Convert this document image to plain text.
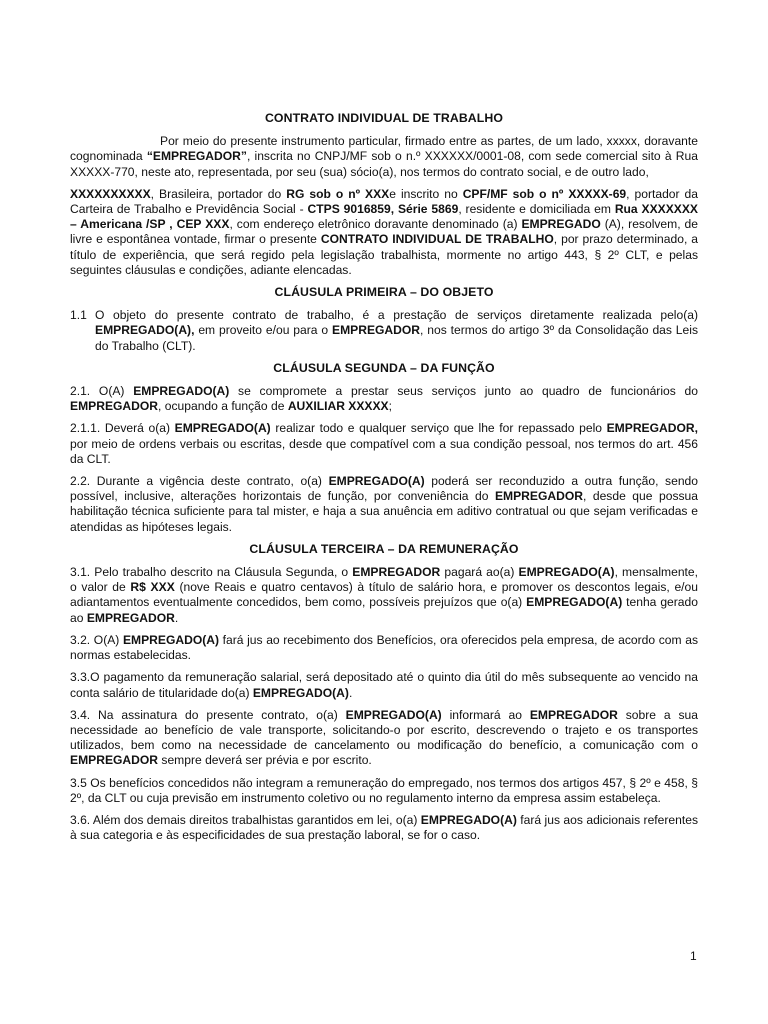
CONTRATO INDIVIDUAL DE TRABALHO

Por meio do presente instrumento particular, firmado entre as partes, de um lado, xxxxx, doravante cognominada “EMPREGADOR”, inscrita no CNPJ/MF sob o n.º XXXXXX/0001-08, com sede comercial sito à Rua XXXXX-770, neste ato, representada, por seu (sua) sócio(a), nos termos do contrato social, e de outro lado,

XXXXXXXXXX, Brasileira, portador do RG sob o nº XXXe inscrito no CPF/MF sob o nº XXXXX-69, portador da Carteira de Trabalho e Previdência Social - CTPS 9016859, Série 5869, residente e domiciliada em Rua XXXXXXX – Americana /SP , CEP XXX, com endereço eletrônico doravante denominado (a) EMPREGADO (A), resolvem, de livre e espontânea vontade, firmar o presente CONTRATO INDIVIDUAL DE TRABALHO, por prazo determinado, a título de experiência, que será regido pela legislação trabalhista, mormente no artigo 443, § 2º CLT, e pelas seguintes cláusulas e condições, adiante elencadas.

CLÁUSULA PRIMEIRA – DO OBJETO
1.1 O objeto do presente contrato de trabalho, é a prestação de serviços diretamente realizada pelo(a) EMPREGADO(A), em proveito e/ou para o EMPREGADOR, nos termos do artigo 3º da Consolidação das Leis do Trabalho (CLT).
CLÁUSULA SEGUNDA – DA FUNÇÃO

2.1. O(A) EMPREGADO(A) se compromete a prestar seus serviços junto ao quadro de funcionários do EMPREGADOR, ocupando a função de AUXILIAR XXXXX;

2.1.1. Deverá o(a) EMPREGADO(A) realizar todo e qualquer serviço que lhe for repassado pelo EMPREGADOR, por meio de ordens verbais ou escritas, desde que compatível com a sua condição pessoal, nos termos do art. 456 da CLT.

2.2. Durante a vigência deste contrato, o(a) EMPREGADO(A) poderá ser reconduzido a outra função, sendo possível, inclusive, alterações horizontais de função, por conveniência do EMPREGADOR, desde que possua habilitação técnica suficiente para tal mister, e haja a sua anuência em aditivo contratual ou que sejam verificadas e atendidas as hipóteses legais.

CLÁUSULA TERCEIRA – DA REMUNERAÇÃO

3.1. Pelo trabalho descrito na Cláusula Segunda, o EMPREGADOR pagará ao(a) EMPREGADO(A), mensalmente, o valor de R$ XXX (nove Reais e quatro centavos) à título de salário hora, e promover os descontos legais, e/ou adiantamentos eventualmente concedidos, bem como, possíveis prejuízos que o(a) EMPREGADO(A) tenha gerado ao EMPREGADOR.

3.2. O(A) EMPREGADO(A) fará jus ao recebimento dos Benefícios, ora oferecidos pela empresa, de acordo com as normas estabelecidas.

3.3.O pagamento da remuneração salarial, será depositado até o quinto dia útil do mês subsequente ao vencido na conta salário de titularidade do(a) EMPREGADO(A).

3.4. Na assinatura do presente contrato, o(a) EMPREGADO(A) informará ao EMPREGADOR sobre a sua necessidade ao benefício de vale transporte, solicitando-o por escrito, descrevendo o trajeto e os transportes utilizados, bem como na necessidade de cancelamento ou modificação do benefício, a comunicação com o EMPREGADOR sempre deverá ser prévia e por escrito.

3.5 Os benefícios concedidos não integram a remuneração do empregado, nos termos dos artigos 457, § 2º e 458, § 2º, da CLT ou cuja previsão em instrumento coletivo ou no regulamento interno da empresa assim estabeleça.

3.6. Além dos demais direitos trabalhistas garantidos em lei, o(a) EMPREGADO(A) fará jus aos adicionais referentes à sua categoria e às especificidades de sua prestação laboral, se for o caso.

1
